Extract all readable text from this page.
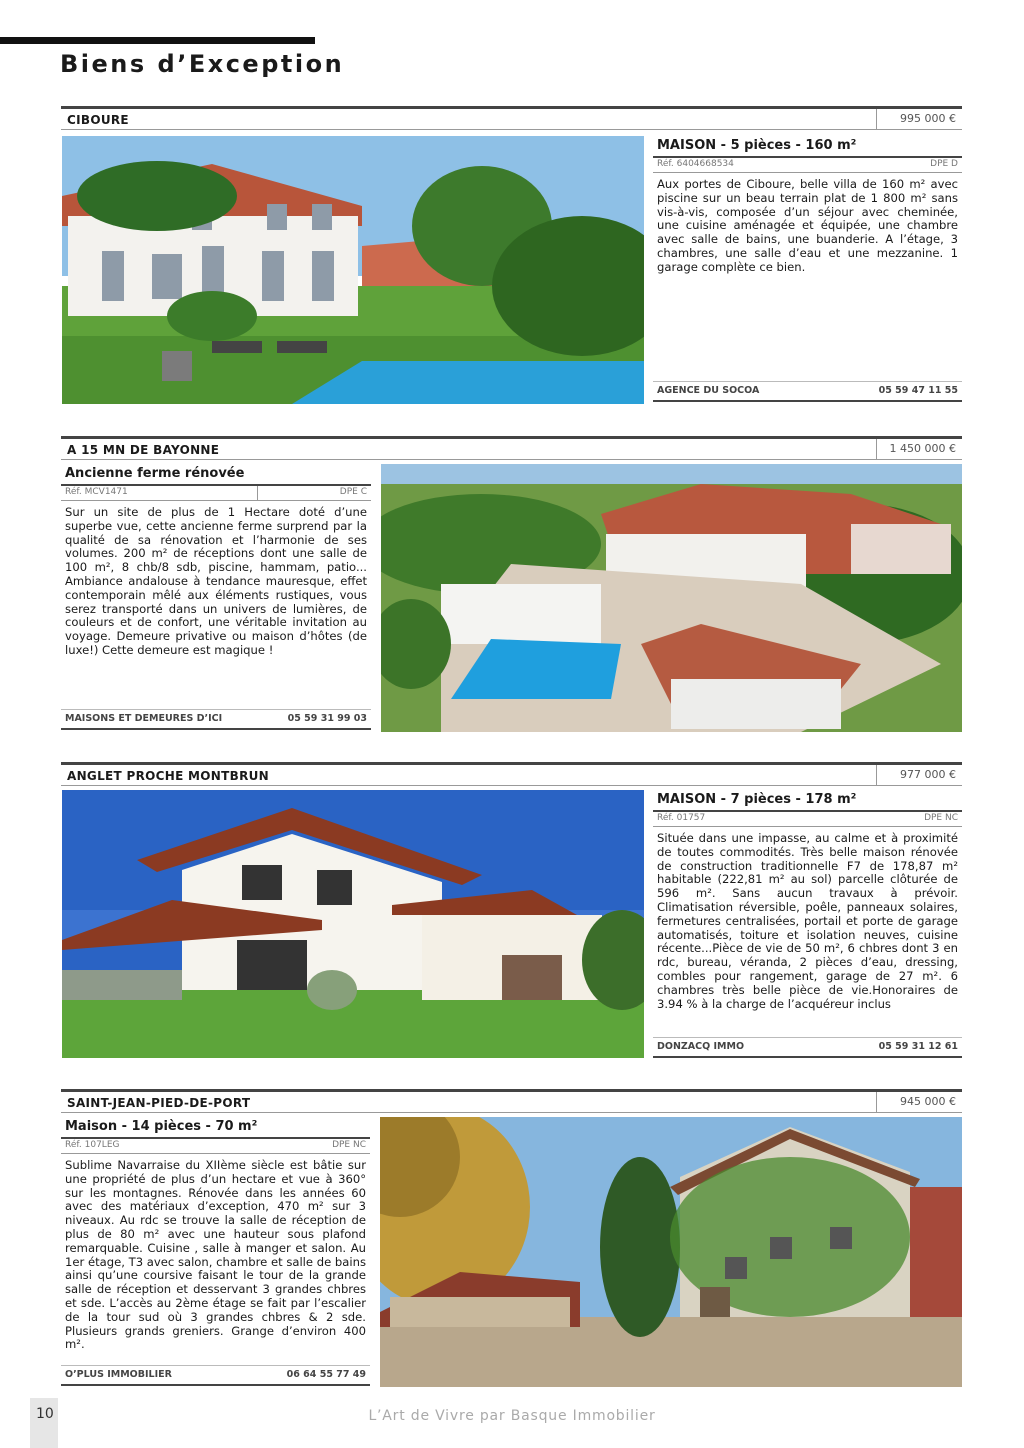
Biens d’Exception
CIBOURE	995 000 €
MAISON - 5 pièces - 160 m²
Réf. 6404668534	DPE D

Aux portes de Ciboure, belle villa de 160 m² avec piscine sur un beau terrain plat de 1 800 m² sans vis-à-vis, composée d’un séjour avec cheminée, une cuisine aménagée et équipée, une chambre avec salle de bains, une buanderie. A l’étage, 3 chambres, une salle d’eau et une mezzanine. 1 garage complète ce bien.

AGENCE DU SOCOA	05 59 47 11 55
A 15 MN DE BAYONNE	1 450 000 €
Ancienne ferme rénovée
Réf. MCV1471	DPE C

Sur un site de plus de 1 Hectare doté d’une superbe vue, cette ancienne ferme surprend par la qualité de sa rénovation et l’harmonie de ses volumes. 200 m² de réceptions dont une salle de 100 m², 8 chb/8 sdb, piscine, hammam, patio... Ambiance andalouse à tendance mauresque, effet contemporain mêlé aux éléments rustiques, vous serez transporté dans un univers de lumières, de couleurs et de confort, une véritable invitation au voyage. Demeure privative ou maison d’hôtes (de luxe!) Cette demeure est magique !

MAISONS ET DEMEURES D’ICI	05 59 31 99 03
ANGLET PROCHE MONTBRUN	977 000 €
MAISON - 7 pièces - 178 m²
Réf. 01757	DPE NC

Située dans une impasse, au calme et à proximité de toutes commodités. Très belle maison rénovée de construction traditionnelle F7 de 178,87 m² habitable (222,81 m² au sol) parcelle clôturée de 596 m². Sans aucun travaux à prévoir. Climatisation réversible, poêle, panneaux solaires, fermetures centralisées, portail et porte de garage automatisés, toiture et isolation neuves, cuisine récente...Pièce de vie de 50 m², 6 chbres dont 3 en rdc, bureau, véranda, 2 pièces d’eau, dressing, combles pour rangement, garage de 27 m². 6 chambres très belle pièce de vie.Honoraires de 3.94 % à la charge de l’acquéreur inclus

DONZACQ IMMO	05 59 31 12 61
SAINT-JEAN-PIED-DE-PORT	945 000 €
Maison - 14 pièces - 70 m²
Réf. 107LEG	DPE NC

Sublime Navarraise du XIIème siècle est bâtie sur une propriété de plus d’un hectare et vue à 360° sur les montagnes. Rénovée dans les années 60 avec des matériaux d’exception, 470 m² sur 3 niveaux. Au rdc se trouve la salle de réception de plus de 80 m² avec une hauteur sous plafond remarquable. Cuisine , salle à manger et salon. Au 1er étage, T3 avec salon, chambre et salle de bains ainsi qu’une coursive faisant le tour de la grande salle de réception et desservant 3 grandes chbres et sde. L’accès au 2ème étage se fait par l’escalier de la tour sud où 3 grandes chbres & 2 sde. Plusieurs grands greniers. Grange d’environ 400 m².

O’PLUS IMMOBILIER	06 64 55 77 49
10	L’Art de Vivre par Basque Immobilier
